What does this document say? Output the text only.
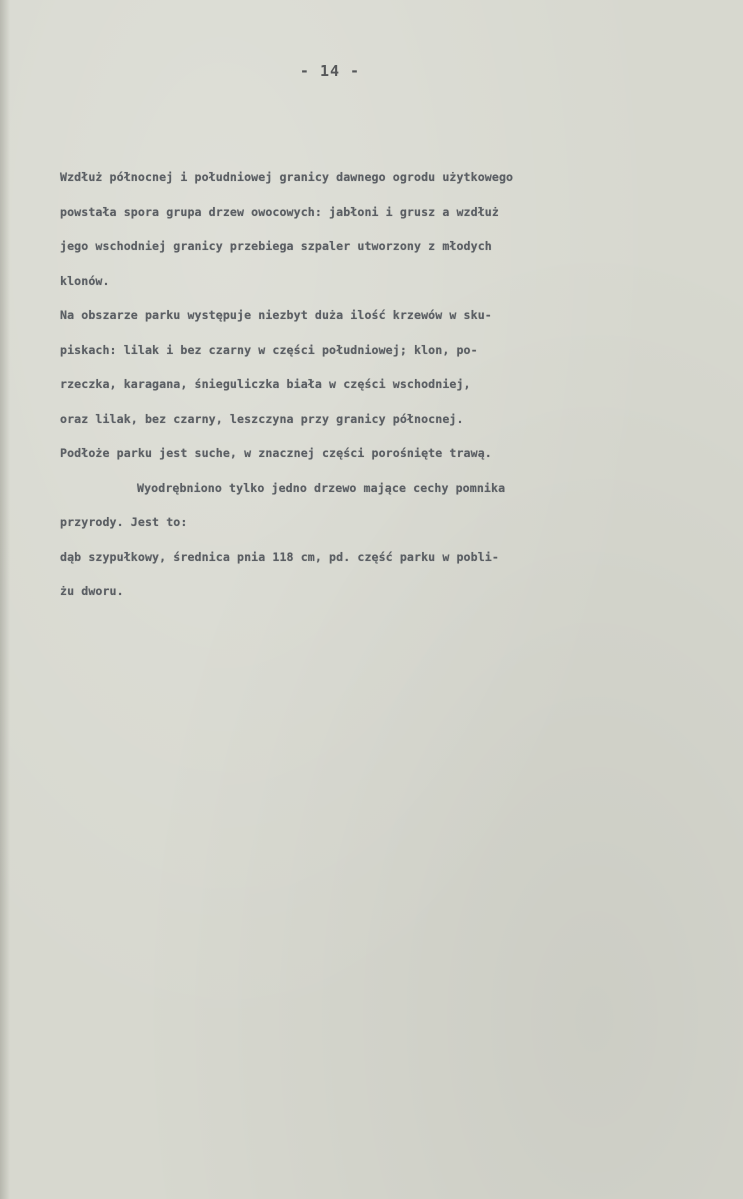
- 14 -
Wzdłuż północnej i południowej granicy dawnego ogrodu użytkowego
powstała spora grupa drzew owocowych: jabłoni i grusz a wzdłuż
jego wschodniej granicy przebiega szpaler utworzony z młodych
klonów.
Na obszarze parku występuje niezbyt duża ilość krzewów w sku-
piskach: lilak i bez czarny w części południowej; klon, po-
rzeczka, karagana, śnieguliczka biała w części wschodniej,
oraz lilak, bez czarny, leszczyna przy granicy północnej.
Podłoże parku jest suche, w znacznej części porośnięte trawą.
Wyodrębniono tylko jedno drzewo mające cechy pomnika
przyrody. Jest to:
dąb szypułkowy, średnica pnia 118 cm, pd. część parku w pobli-
żu dworu.
